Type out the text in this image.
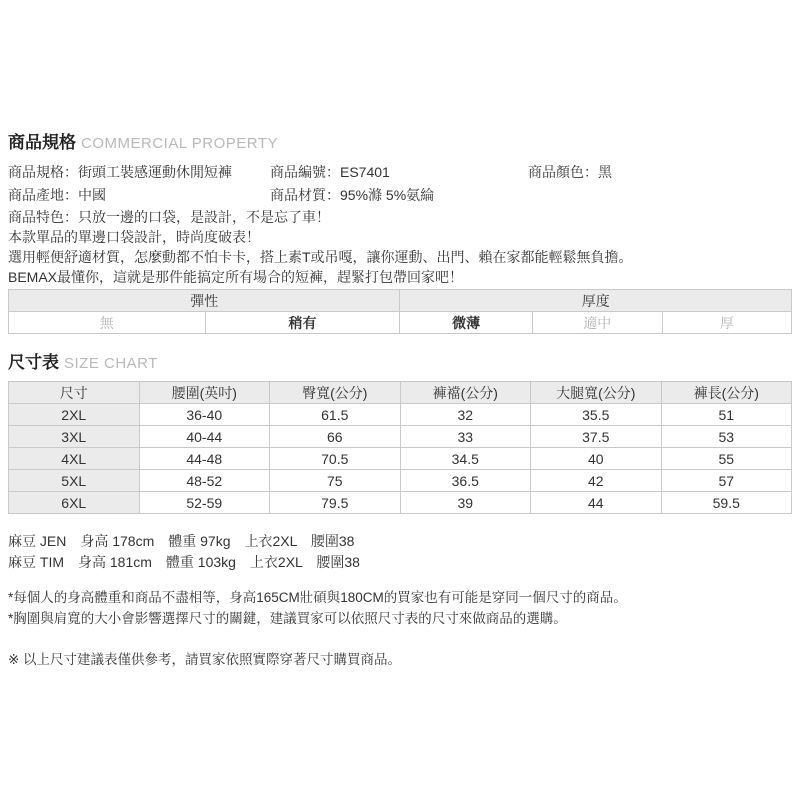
商品規格 COMMERCIAL PROPERTY
商品規格：街頭工裝感運動休閒短褲	商品編號：ES7401	商品顏色：黑
商品產地：中國	商品材質：95%滌 5%氨綸
商品特色：只放一邊的口袋，是設計，不是忘了車！
本款單品的單邊口袋設計，時尚度破表！
選用輕便舒適材質，怎麼動都不怕卡卡，搭上素T或吊嘎，讓你運動、出門、賴在家都能輕鬆無負擔。
BEMAX最懂你，這就是那件能搞定所有場合的短褲，趕緊打包帶回家吧！
彈性		厚度		
無	稍有	微薄	適中	厚
尺寸表 SIZE CHART
尺寸	腰圍(英吋)	臀寬(公分)	褲襠(公分)	大腿寬(公分)	褲長(公分)
2XL	36-40	61.5	32	35.5	51
3XL	40-44	66	33	37.5	53
4XL	44-48	70.5	34.5	40	55
5XL	48-52	75	36.5	42	57
6XL	52-59	79.5	39	44	59.5
麻豆 JEN　身高 178cm　體重 97kg　上衣2XL　腰圍38
麻豆 TIM　身高 181cm　體重 103kg　上衣2XL　腰圍38
*每個人的身高體重和商品不盡相等，身高165CM壯碩與180CM的買家也有可能是穿同一個尺寸的商品。
*胸圍與肩寬的大小會影響選擇尺寸的關鍵，建議買家可以依照尺寸表的尺寸來做商品的選購。
※ 以上尺寸建議表僅供參考，請買家依照實際穿著尺寸購買商品。
